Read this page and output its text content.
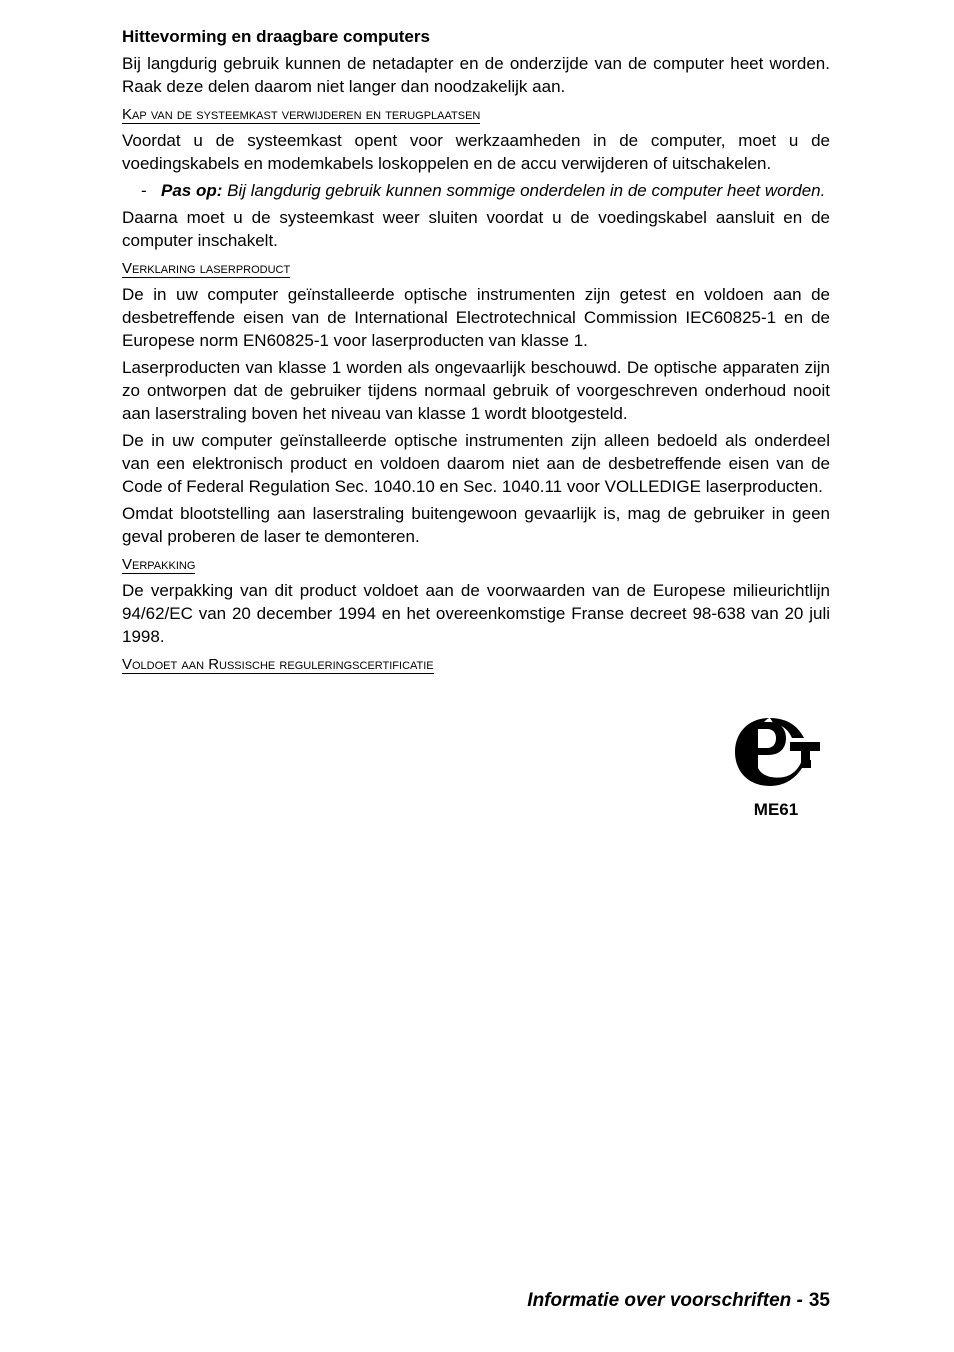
Hittevorming en draagbare computers

Bij langdurig gebruik kunnen de netadapter en de onderzijde van de computer heet worden. Raak deze delen daarom niet langer dan noodzakelijk aan.

Kap van de systeemkast verwijderen en terugplaatsen

Voordat u de systeemkast opent voor werkzaamheden in de computer, moet u de voedingskabels en modemkabels loskoppelen en de accu verwijderen of uitschakelen.

- Pas op: Bij langdurig gebruik kunnen sommige onderdelen in de computer heet worden.

Daarna moet u de systeemkast weer sluiten voordat u de voedingskabel aansluit en de computer inschakelt.

Verklaring laserproduct

De in uw computer geïnstalleerde optische instrumenten zijn getest en voldoen aan de desbetreffende eisen van de International Electrotechnical Commission IEC60825-1 en de Europese norm EN60825-1 voor laserproducten van klasse 1.

Laserproducten van klasse 1 worden als ongevaarlijk beschouwd. De optische apparaten zijn zo ontworpen dat de gebruiker tijdens normaal gebruik of voorgeschreven onderhoud nooit aan laserstraling boven het niveau van klasse 1 wordt blootgesteld.

De in uw computer geïnstalleerde optische instrumenten zijn alleen bedoeld als onderdeel van een elektronisch product en voldoen daarom niet aan de desbetreffende eisen van de Code of Federal Regulation Sec. 1040.10 en Sec. 1040.11 voor VOLLEDIGE laserproducten.

Omdat blootstelling aan laserstraling buitengewoon gevaarlijk is, mag de gebruiker in geen geval proberen de laser te demonteren.

Verpakking

De verpakking van dit product voldoet aan de voorwaarden van de Europese milieurichtlijn 94/62/EC van 20 december 1994 en het overeenkomstige Franse decreet 98-638 van 20 juli 1998.

Voldoet aan Russische reguleringscertificatie
ME61
Informatie over voorschriften - 35
